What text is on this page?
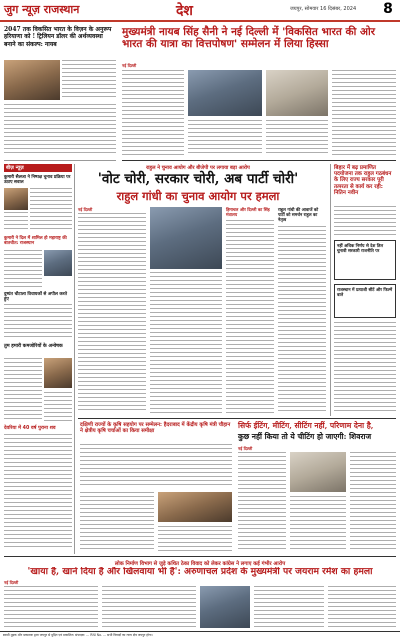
जुग न्यूज़ राजस्थान	देश	जयपुर, सोमवार 16 दिसंबर, 2024 8
2047 तक विकसित भारत के विज़न के अनुरूप हरियाणा को ! ट्रिलियन डॉलर की अर्थव्यवस्था बनाने का संकल्प: नायब
मुख्यमंत्री नायब सिंह सैनी ने नई दिल्ली में 'विकसित भारत की ओर भारत की यात्रा का वित्तपोषण' सम्मेलन में लिया हिस्सा
नई दिल्ली
बीज़ न्यूज़
कुमारी सैलजा ने निष्पक्ष चुनाव प्रक्रिया पर उठाए सवाल
कुमारी ने दिल में शामिल हो महाराष्ट्र की बातचीत: राजस्थान
दुष्यंत चौटाला विधायकों से अपील करते हुए
तुम हमारी कमजोरियों के अन्वेषक
देवरिया में 40 वर्ष पुराना शव
राहुल ने चुनाव आयोग और बीजेपी पर लगाया बड़ा आरोप
'वोट चोरी, सरकार चोरी, अब पार्टी चोरी'
राहुल गांधी का चुनाव आयोग पर हमला
नई दिल्ली	हिमाचल और दिल्ली का सिंह मंत्रालय
राहुल गांधी की आवाजें को पार्टी को समर्थन राहुल का नेतृत्व
बिहार में बढ़ प्रमाणित पदयोजना तक राहुल गठबंधन के लिए राज्य सरकार पूरी तत्परता से कार्य कर रही: नितिन नवीन
नहीं अधिक निर्णय से देश तिल चुनावी सरकारी राजनीति पर
राजस्थान में प्रत्याशी सीटें और फिल्में वाले
दक्षिणी राज्यों के कृषि सहयोग पर सम्मेलन: हैदराबाद में केंद्रीय कृषि मंत्री चौहान ने क्षेत्रीय कृषि चर्चाओं का किया समीक्षा
सिर्फ ईटिंग, मीटिंग, सीटिंग नहीं, परिणाम देना है,
कुछ नहीं किया तो ये चीटिंग हो जाएगी: शिवराज
नई दिल्ली
लोक निर्माण विभाग से जुड़े कथित ठेका विवाद को लेकर कांग्रेस ने लगाए कई गंभीर आरोप
'खाया है, खाने दिया है और खिलवाया भी है': अरुणाचल प्रदेश के मुख्यमंत्री पर जयराम रमेश का हमला
नई दिल्ली
स्वामी मुद्रक और प्रकाशक द्वारा जयपुर से मुद्रित एवं प्रकाशित। संपादक: ... RNI No. ... सभी विवादों का न्याय क्षेत्र जयपुर होगा।
